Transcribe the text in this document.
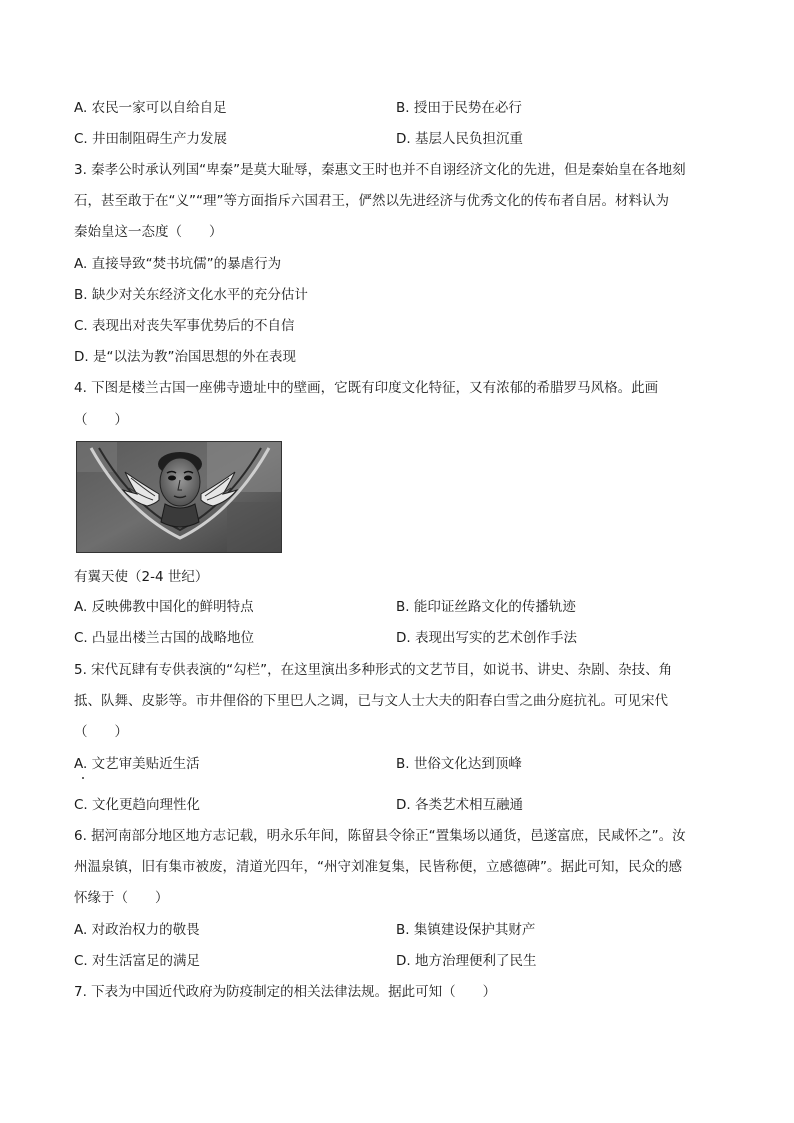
A. 农民一家可以自给自足	B. 授田于民势在必行
C. 井田制阻碍生产力发展	D. 基层人民负担沉重
3. 秦孝公时承认列国“卑秦”是莫大耻辱，秦惠文王时也并不自诩经济文化的先进，但是秦始皇在各地刻
石，甚至敢于在“义”“理”等方面指斥六国君王，俨然以先进经济与优秀文化的传布者自居。材料认为
秦始皇这一态度（　　）
A. 直接导致“焚书坑儒”的暴虐行为
B. 缺少对关东经济文化水平的充分估计
C. 表现出对丧失军事优势后的不自信
D. 是“以法为教”治国思想的外在表现
4. 下图是楼兰古国一座佛寺遗址中的壁画，它既有印度文化特征，又有浓郁的希腊罗马风格。此画
（　　）
有翼天使（2-4 世纪）
A. 反映佛教中国化的鲜明特点	B. 能印证丝路文化的传播轨迹
C. 凸显出楼兰古国的战略地位	D. 表现出写实的艺术创作手法
5. 宋代瓦肆有专供表演的“勾栏”，在这里演出多种形式的文艺节目，如说书、讲史、杂剧、杂技、角
抵、队舞、皮影等。市井俚俗的下里巴人之调，已与文人士大夫的阳春白雪之曲分庭抗礼。可见宋代
（　　）
A. 文艺审美贴近生活	B. 世俗文化达到顶峰
C. 文化更趋向理性化	D. 各类艺术相互融通
6. 据河南部分地区地方志记载，明永乐年间，陈留县令徐正“置集场以通货，邑遂富庶，民咸怀之”。汝
州温泉镇，旧有集市被废，清道光四年，“州守刘准复集，民皆称便，立感德碑”。据此可知，民众的感
怀缘于（　　）
A. 对政治权力的敬畏	B. 集镇建设保护其财产
C. 对生活富足的满足	D. 地方治理便利了民生
7. 下表为中国近代政府为防疫制定的相关法律法规。据此可知（　　）
